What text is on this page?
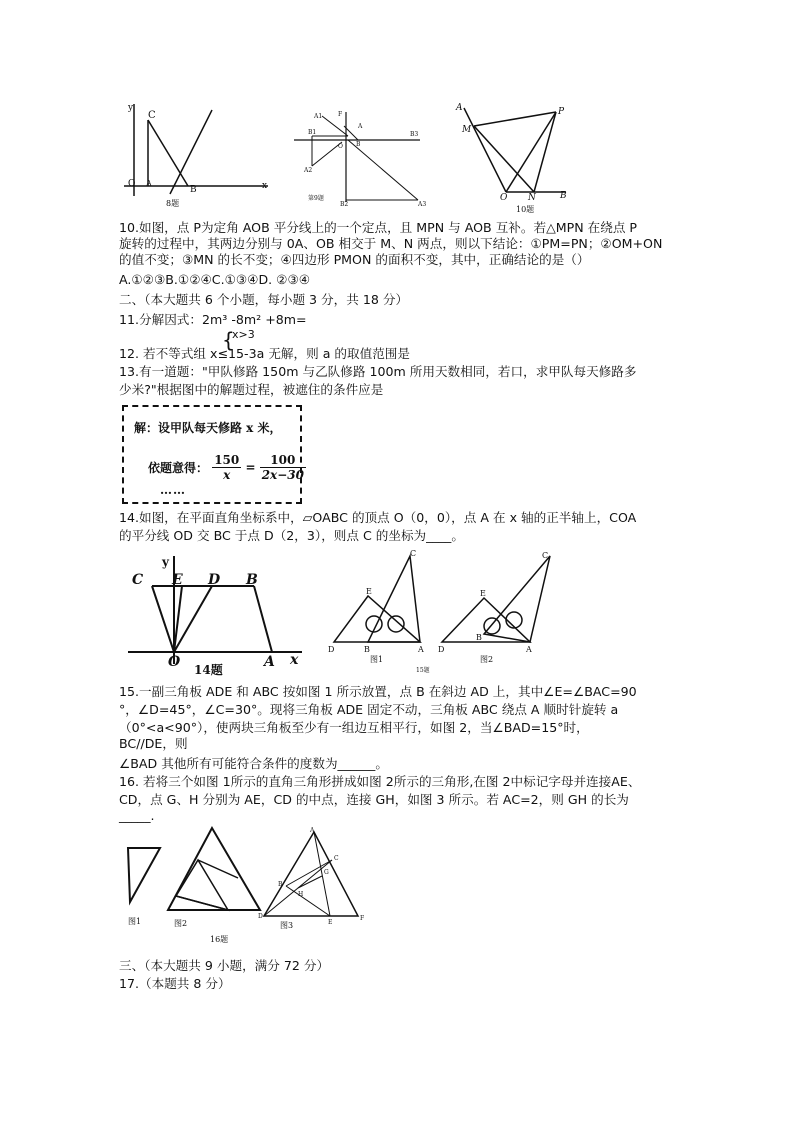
y
C
O A
B	x
8题
A1
B1
F
A
B
O
A2
A3
B2
B3
第9题
A	P
M
O N	B
10题
10.如图，点 P为定角 AOB 平分线上的一个定点，且 MPN 与 AOB 互补。若△MPN 在绕点 P
旋转的过程中，其两边分别与 0A、OB 相交于 M、N 两点，则以下结论：①PM=PN；②OM+ON
的值不变；③MN 的长不变；④四边形 PMON 的面积不变，其中，正确结论的是（）
A.①②③B.①②④C.①③④D. ②③④
二、（本大题共 6 个小题，每小题 3 分，共 18 分）
11.分解因式：2m³ -8m² +8m=
x>3
{
12. 若不等式组 x≤15-3a 无解，则 a 的取值范围是
13.有一道题："甲队修路 150m 与乙队修路 100m 所用天数相同，若口，求甲队每天修路多
少米?"根据图中的解题过程，被遮住的条件应是
解：设甲队每天修路 x 米，
依题意得： $\frac{150}{x} = \frac{100}{2x-30}$
……
14.如图，在平面直角坐标系中，▱OABC 的顶点 O（0，0），点 A 在 x 轴的正半轴上，COA
的平分线 OD 交 BC 于点 D（2，3），则点 C 的坐标为____。
y
C E D B
O	A x
14题
C
E
D	B	A
图1
15题
C
E
B
D	A
图2
15.一副三角板 ADE 和 ABC 按如图 1 所示放置，点 B 在斜边 AD 上，其中∠E=∠BAC=90
°，∠D=45°，∠C=30°。现将三角板 ADE 固定不动，三角板 ABC 绕点 A 顺时针旋转 a
（0°<a<90°），使两块三角板至少有一组边互相平行，如图 2，当∠BAD=15°时，
BC//DE，则
∠BAD 其他所有可能符合条件的度数为______。
16. 若将三个如图 1所示的直角三角形拼成如图 2所示的三角形,在图 2中标记字母并连接AE、
CD，点 G、H 分别为 AE，CD 的中点，连接 GH，如图 3 所示。若 AC=2，则 GH 的长为
_____.
图1	图2
16题
A
B
C
G
H
D
E
F
图3
三、（本大题共 9 小题，满分 72 分）
17.（本题共 8 分）
